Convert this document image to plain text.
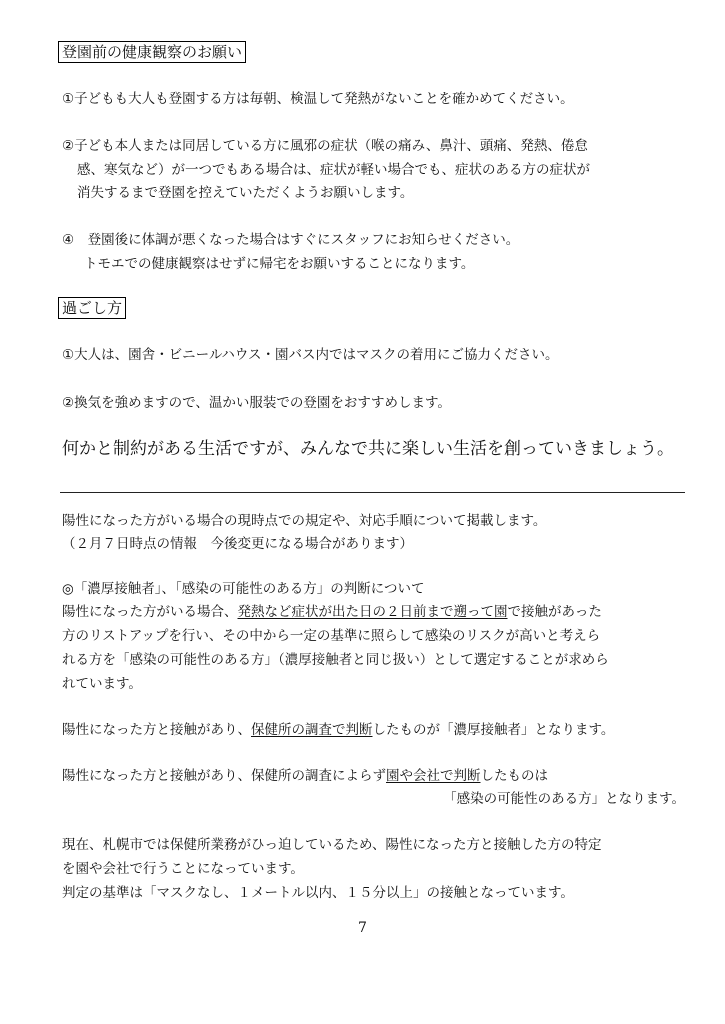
登園前の健康観察のお願い

①子どもも大人も登園する方は毎朝、検温して発熱がないことを確かめてください。

②子ども本人または同居している方に風邪の症状（喉の痛み、鼻汁、頭痛、発熱、倦怠

感、寒気など）が一つでもある場合は、症状が軽い場合でも、症状のある方の症状が

消失するまで登園を控えていただくようお願いします。

④　登園後に体調が悪くなった場合はすぐにスタッフにお知らせください。

トモエでの健康観察はせずに帰宅をお願いすることになります。

過ごし方

①大人は、園舎・ビニールハウス・園バス内ではマスクの着用にご協力ください。

②換気を強めますので、温かい服装での登園をおすすめします。

何かと制約がある生活ですが、みんなで共に楽しい生活を創っていきましょう。

陽性になった方がいる場合の現時点での規定や、対応手順について掲載します。

（２月７日時点の情報　今後変更になる場合があります）

◎「濃厚接触者」、「感染の可能性のある方」の判断について

陽性になった方がいる場合、発熱など症状が出た日の２日前まで遡って園で接触があった

方のリストアップを行い、その中から一定の基準に照らして感染のリスクが高いと考えら

れる方を「感染の可能性のある方」（濃厚接触者と同じ扱い）として選定することが求めら

れています。

陽性になった方と接触があり、保健所の調査で判断したものが「濃厚接触者」となります。

陽性になった方と接触があり、保健所の調査によらず園や会社で判断したものは

「感染の可能性のある方」となります。

現在、札幌市では保健所業務がひっ迫しているため、陽性になった方と接触した方の特定

を園や会社で行うことになっています。

判定の基準は「マスクなし、１メートル以内、１５分以上」の接触となっています。

7
